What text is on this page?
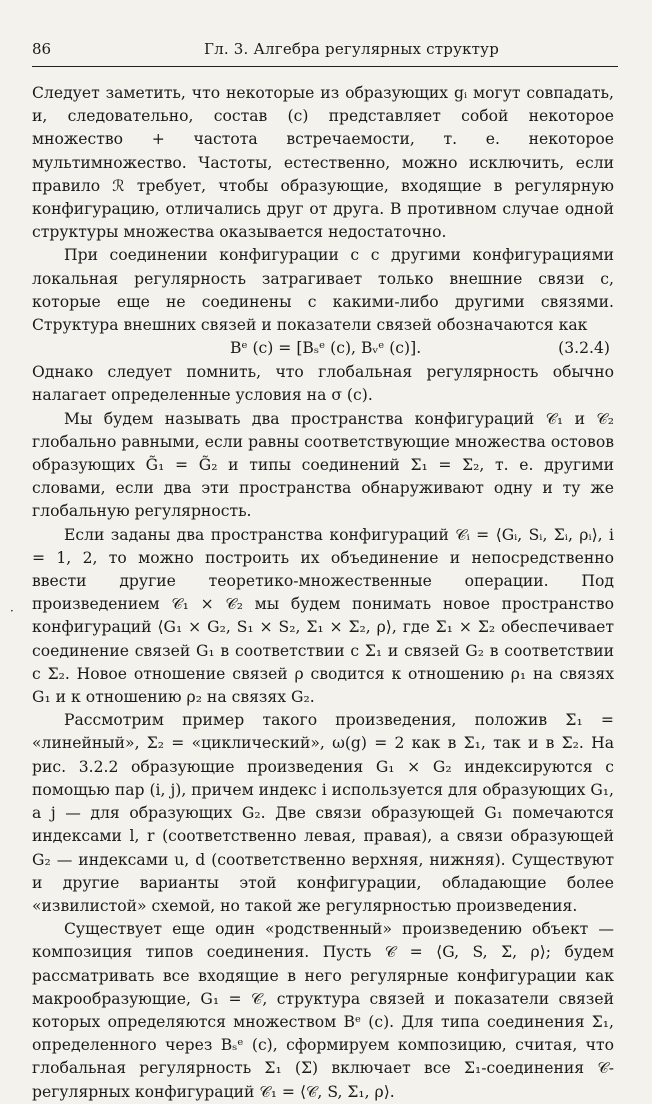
86	Гл. 3. Алгебра регулярных структур
·

Следует заметить, что некоторые из образующих gᵢ могут совпадать, и, следовательно, состав (c) представляет собой некоторое множество + частота встречаемости, т. е. некоторое мультимножество. Частоты, естественно, можно исключить, если правило ℛ требует, чтобы образующие, входящие в регулярную конфигурацию, отличались друг от друга. В противном случае одной структуры множества оказывается недостаточно.

При соединении конфигурации c с другими конфигурациями локальная регулярность затрагивает только внешние связи c, которые еще не соединены с какими-либо другими связями. Структура внешних связей и показатели связей обозначаются как

Bᵉ (c) = [Bₛᵉ (c), Bᵥᵉ (c)].	(3.2.4)

Однако следует помнить, что глобальная регулярность обычно налагает определенные условия на σ (c).

Мы будем называть два пространства конфигураций 𝒞₁ и 𝒞₂ глобально равными, если равны соответствующие множества остовов образующих G̃₁ = G̃₂ и типы соединений Σ₁ = Σ₂, т. е. другими словами, если два эти пространства обнаруживают одну и ту же глобальную регулярность.

Если заданы два пространства конфигураций 𝒞ᵢ = ⟨Gᵢ, Sᵢ, Σᵢ, ρᵢ⟩, i = 1, 2, то можно построить их объединение и непосредственно ввести другие теоретико-множественные операции. Под произведением 𝒞₁ × 𝒞₂ мы будем понимать новое пространство конфигураций ⟨G₁ × G₂, S₁ × S₂, Σ₁ × Σ₂, ρ⟩, где Σ₁ × Σ₂ обеспечивает соединение связей G₁ в соответствии с Σ₁ и связей G₂ в соответствии с Σ₂. Новое отношение связей ρ сводится к отношению ρ₁ на связях G₁ и к отношению ρ₂ на связях G₂.

Рассмотрим пример такого произведения, положив Σ₁ = «линейный», Σ₂ = «циклический», ω(g) = 2 как в Σ₁, так и в Σ₂. На рис. 3.2.2 образующие произведения G₁ × G₂ индексируются с помощью пар (i, j), причем индекс i используется для образующих G₁, а j — для образующих G₂. Две связи образующей G₁ помечаются индексами l, r (соответственно левая, правая), а связи образующей G₂ — индексами u, d (соответственно верхняя, нижняя). Существуют и другие варианты этой конфигурации, обладающие более «извилистой» схемой, но такой же регулярностью произведения.

Существует еще один «родственный» произведению объект — композиция типов соединения. Пусть 𝒞 = ⟨G, S, Σ, ρ⟩; будем рассматривать все входящие в него регулярные конфигурации как макрообразующие, G₁ = 𝒞, структура связей и показатели связей которых определяются множеством Bᵉ (c). Для типа соединения Σ₁, определенного через Bₛᵉ (c), сформируем композицию, считая, что глобальная регулярность Σ₁ (Σ) включает все Σ₁-соединения 𝒞-регулярных конфигураций 𝒞₁ = ⟨𝒞, S, Σ₁, ρ⟩.
